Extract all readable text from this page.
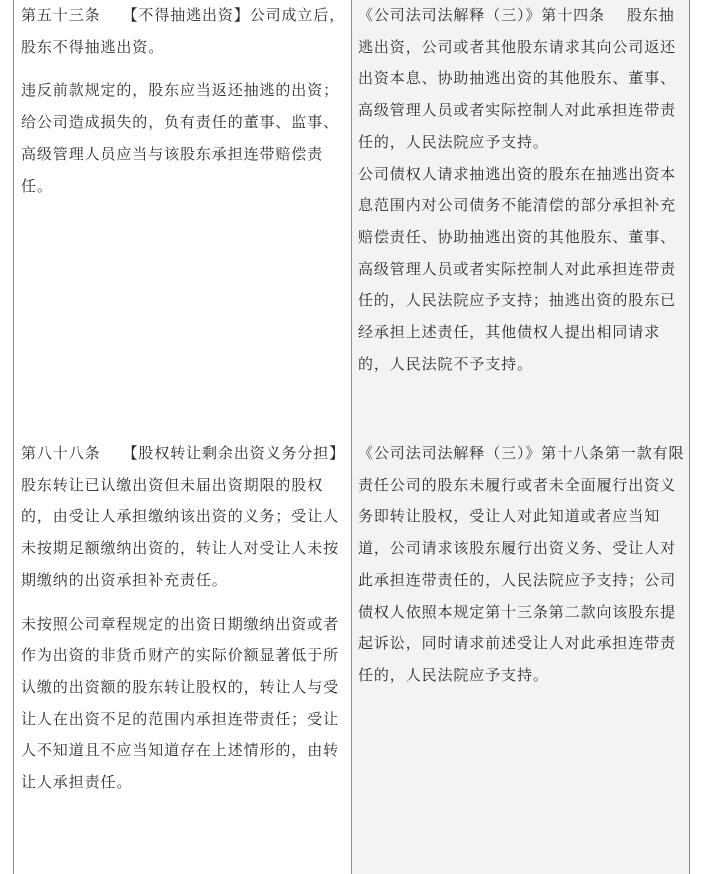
第五十三条 【不得抽逃出资】公司成立后，股东不得抽逃出资。

违反前款规定的，股东应当返还抽逃的出资；给公司造成损失的，负有责任的董事、监事、高级管理人员应当与该股东承担连带赔偿责任。

《公司法司法解释（三）》第十四条 股东抽逃出资，公司或者其他股东请求其向公司返还出资本息、协助抽逃出资的其他股东、董事、高级管理人员或者实际控制人对此承担连带责任的，人民法院应予支持。

公司债权人请求抽逃出资的股东在抽逃出资本息范围内对公司债务不能清偿的部分承担补充赔偿责任、协助抽逃出资的其他股东、董事、高级管理人员或者实际控制人对此承担连带责任的，人民法院应予支持；抽逃出资的股东已经承担上述责任，其他债权人提出相同请求的，人民法院不予支持。

第八十八条 【股权转让剩余出资义务分担】股东转让已认缴出资但未届出资期限的股权的，由受让人承担缴纳该出资的义务；受让人未按期足额缴纳出资的，转让人对受让人未按期缴纳的出资承担补充责任。

未按照公司章程规定的出资日期缴纳出资或者作为出资的非货币财产的实际价额显著低于所认缴的出资额的股东转让股权的，转让人与受让人在出资不足的范围内承担连带责任；受让人不知道且不应当知道存在上述情形的，由转让人承担责任。

《公司法司法解释（三）》第十八条第一款有限责任公司的股东未履行或者未全面履行出资义务即转让股权，受让人对此知道或者应当知道，公司请求该股东履行出资义务、受让人对此承担连带责任的，人民法院应予支持；公司债权人依照本规定第十三条第二款向该股东提起诉讼，同时请求前述受让人对此承担连带责任的，人民法院应予支持。
